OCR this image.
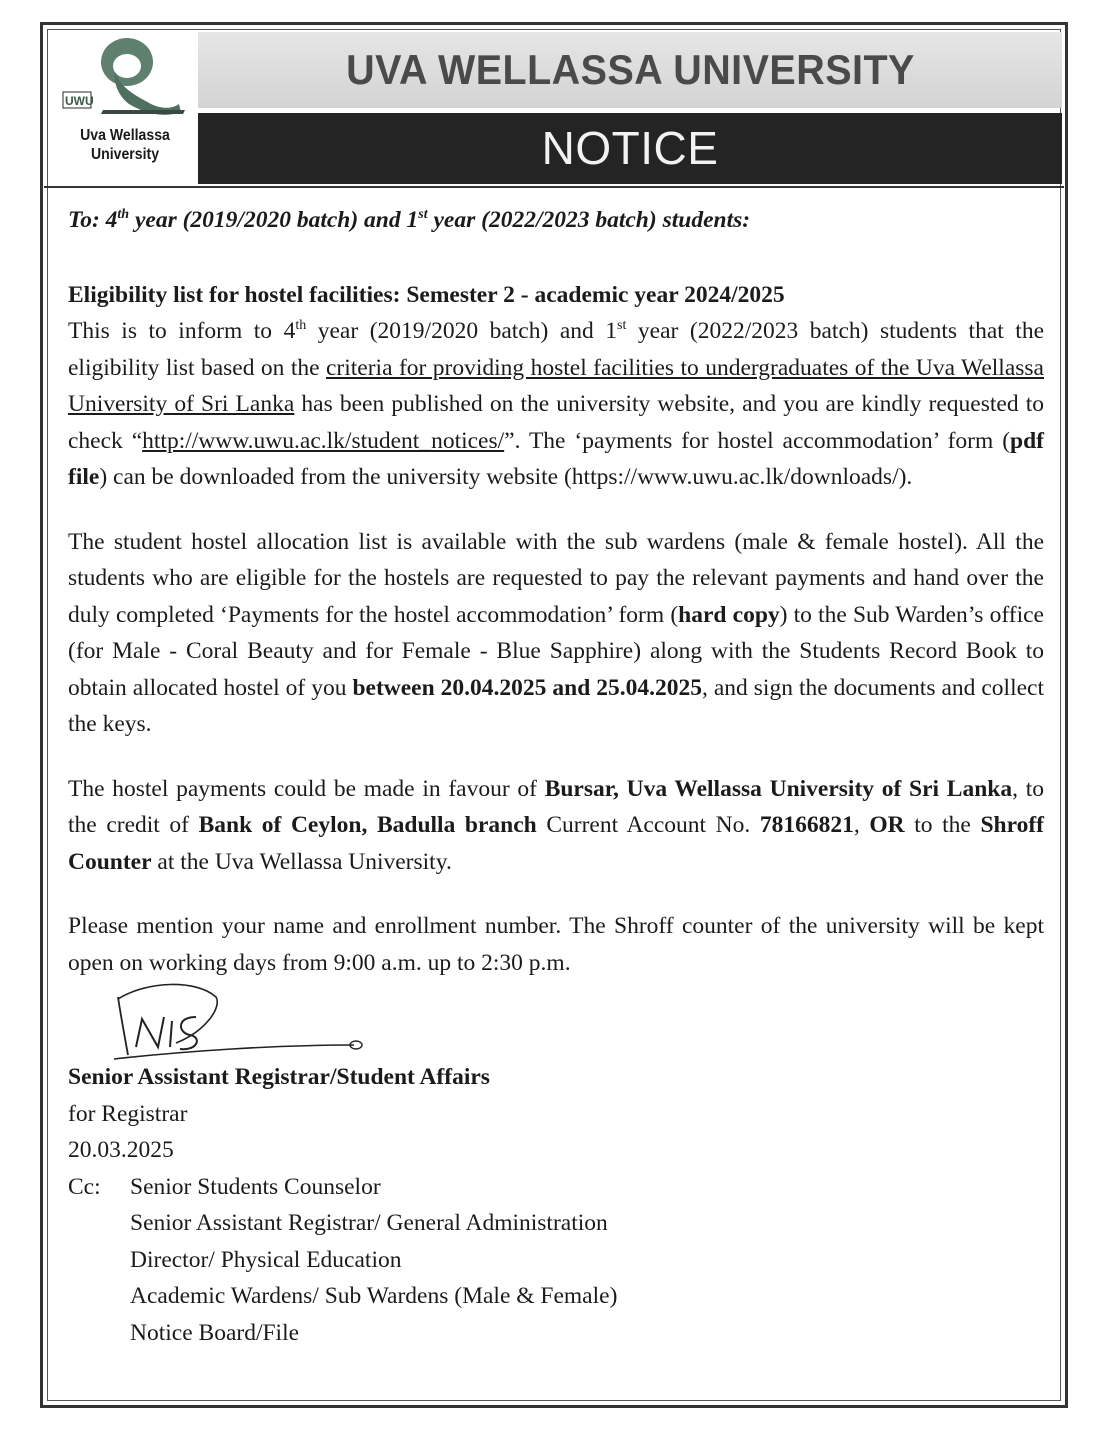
UWU
Uva Wellassa
University
UVA WELLASSA UNIVERSITY
NOTICE
To: 4th year (2019/2020 batch) and 1st year (2022/2023 batch) students:
Eligibility list for hostel facilities: Semester 2 - academic year 2024/2025

This is to inform to 4th year (2019/2020 batch) and 1st year (2022/2023 batch) students that the eligibility list based on the criteria for providing hostel facilities to undergraduates of the Uva Wellassa University of Sri Lanka has been published on the university website, and you are kindly requested to check “http://www.uwu.ac.lk/student_notices/”. The ‘payments for hostel accommodation’ form (pdf file) can be downloaded from the university website (https://www.uwu.ac.lk/downloads/).

The student hostel allocation list is available with the sub wardens (male & female hostel). All the students who are eligible for the hostels are requested to pay the relevant payments and hand over the duly completed ‘Payments for the hostel accommodation’ form (hard copy) to the Sub Warden’s office (for Male - Coral Beauty and for Female - Blue Sapphire) along with the Students Record Book to obtain allocated hostel of you between 20.04.2025 and 25.04.2025, and sign the documents and collect the keys.

The hostel payments could be made in favour of Bursar, Uva Wellassa University of Sri Lanka, to the credit of Bank of Ceylon, Badulla branch Current Account No. 78166821, OR to the Shroff Counter at the Uva Wellassa University.

Please mention your name and enrollment number. The Shroff counter of the university will be kept open on working days from 9:00 a.m. up to 2:30 p.m.

Senior Assistant Registrar/Student Affairs
for Registrar
20.03.2025
Cc:	Senior Students Counselor
Senior Assistant Registrar/ General Administration
Director/ Physical Education
Academic Wardens/ Sub Wardens (Male & Female)
Notice Board/File
